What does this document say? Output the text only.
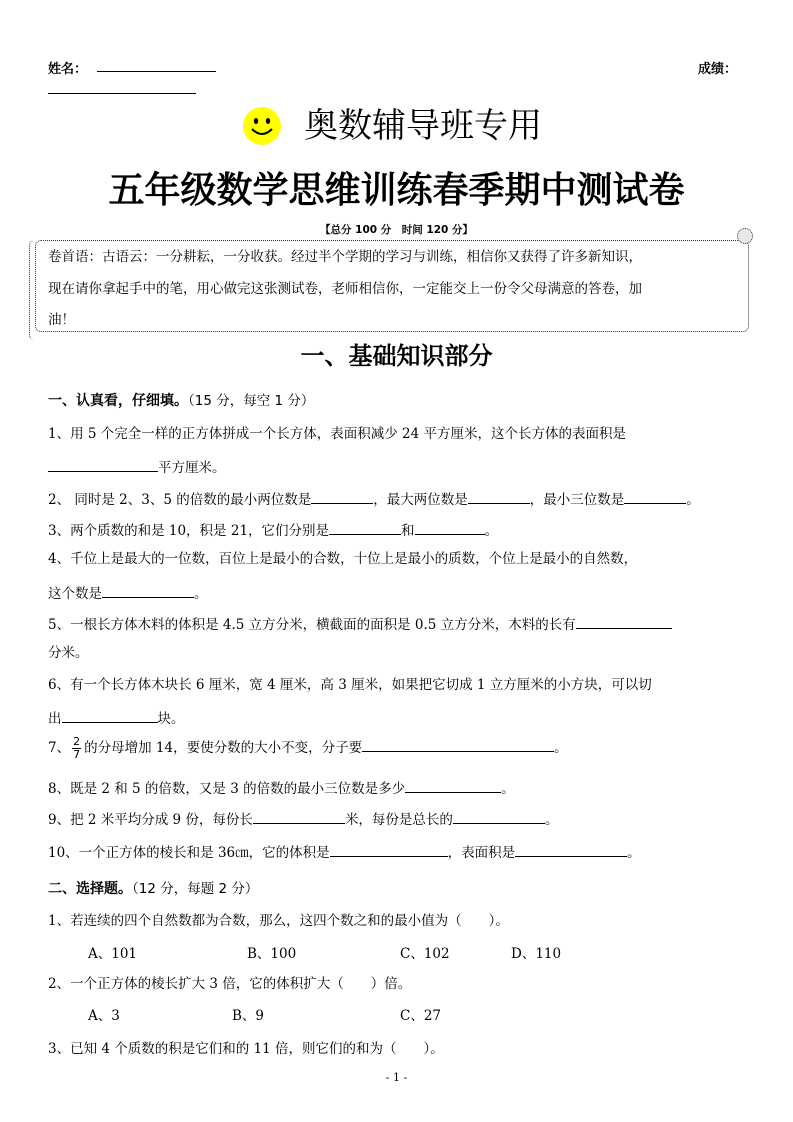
姓名：	成绩：
奥数辅导班专用
五年级数学思维训练春季期中测试卷
【总分 100 分　时间 120 分】
卷首语：古语云：一分耕耘，一分收获。经过半个学期的学习与训练，相信你又获得了许多新知识，
现在请你拿起手中的笔，用心做完这张测试卷，老师相信你，一定能交上一份令父母满意的答卷，加
油！
一、基础知识部分
一、认真看，仔细填。（15 分，每空 1 分）
1、用 5 个完全一样的正方体拼成一个长方体，表面积减少 24 平方厘米，这个长方体的表面积是
平方厘米。
2、 同时是 2、3、5 的倍数的最小两位数是	，最大两位数是	，最小三位数是	。
3、两个质数的和是 10，积是 21，它们分别是	和	。
4、千位上是最大的一位数，百位上是最小的合数，十位上是最小的质数，个位上是最小的自然数，
这个数是	。
5、一根长方体木料的体积是 4.5 立方分米，横截面的面积是 0.5 立方分米，木料的长有
分米。
6、有一个长方体木块长 6 厘米，宽 4 厘米，高 3 厘米，如果把它切成 1 立方厘米的小方块，可以切
出	块。
7、 $\frac{2}{7}$ 的分母增加 14，要使分数的大小不变，分子要	。
8、既是 2 和 5 的倍数，又是 3 的倍数的最小三位数是多少	。
9、把 2 米平均分成 9 份，每份长	米，每份是总长的	。
10、一个正方体的棱长和是 36㎝，它的体积是	，表面积是	。
二、选择题。（12 分，每题 2 分）
1、若连续的四个自然数都为合数，那么，这四个数之和的最小值为（　　）。
A、101	B、100	C、102	D、110
2、一个正方体的棱长扩大 3 倍，它的体积扩大（　　）倍。
A、3	B、9	C、27
3、已知 4 个质数的积是它们和的 11 倍，则它们的和为（　　）。
- 1 -
